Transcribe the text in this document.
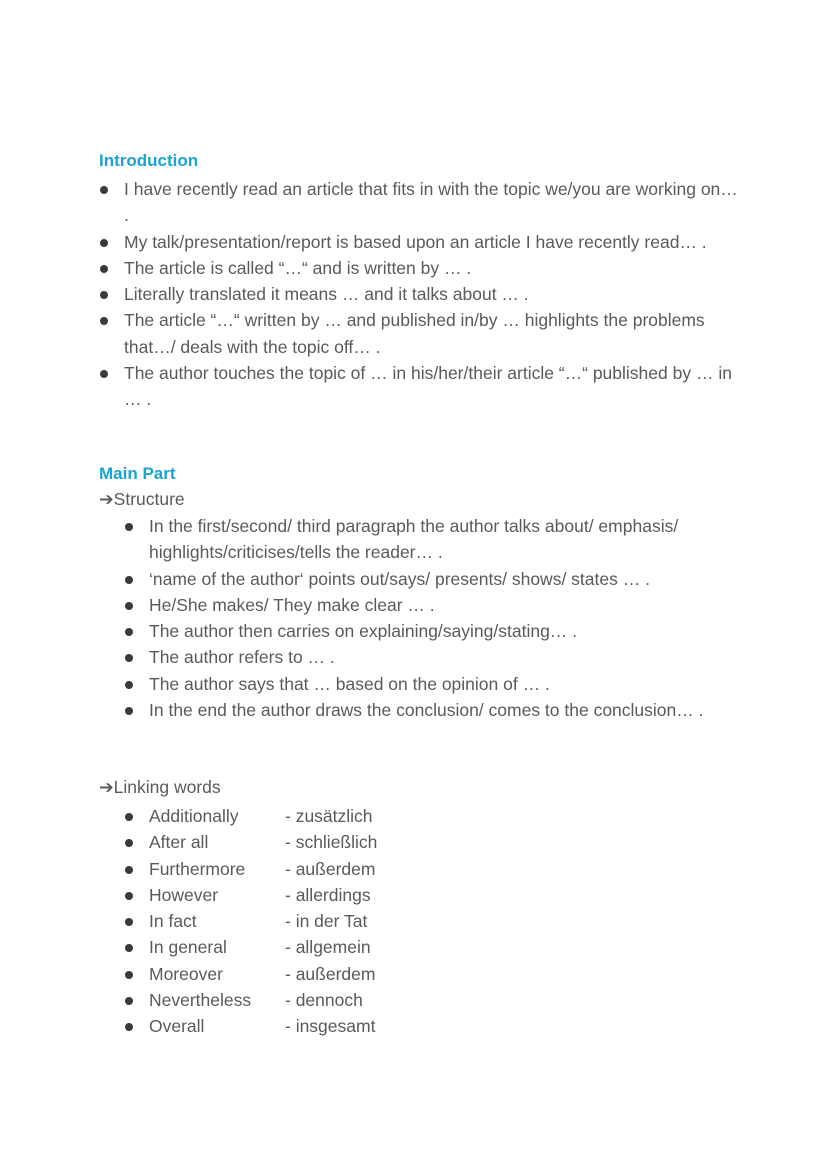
Introduction
I have recently read an article that fits in with the topic we/you are working on… .
My talk/presentation/report is based upon an article I have recently read… .
The article is called “…“ and is written by … .
Literally translated it means … and it talks about … .
The article “…“ written by … and published in/by … highlights the problems that…/ deals with the topic off… .
The author touches the topic of … in his/her/their article “…“ published by … in … .
Main Part
➔Structure
In the first/second/ third paragraph the author talks about/ emphasis/ highlights/criticises/tells the reader… .
‘name of the author‘ points out/says/ presents/ shows/ states … .
He/She makes/ They make clear … .
The author then carries on explaining/saying/stating… .
The author refers to … .
The author says that … based on the opinion of … .
In the end the author draws the conclusion/ comes to the conclusion… .
➔Linking words
Additionally	- zusätzlich
After all	- schließlich
Furthermore - außerdem
However	- allerdings
In fact	- in der Tat
In general	- allgemein
Moreover	- außerdem
Nevertheless - dennoch
Overall	- insgesamt
